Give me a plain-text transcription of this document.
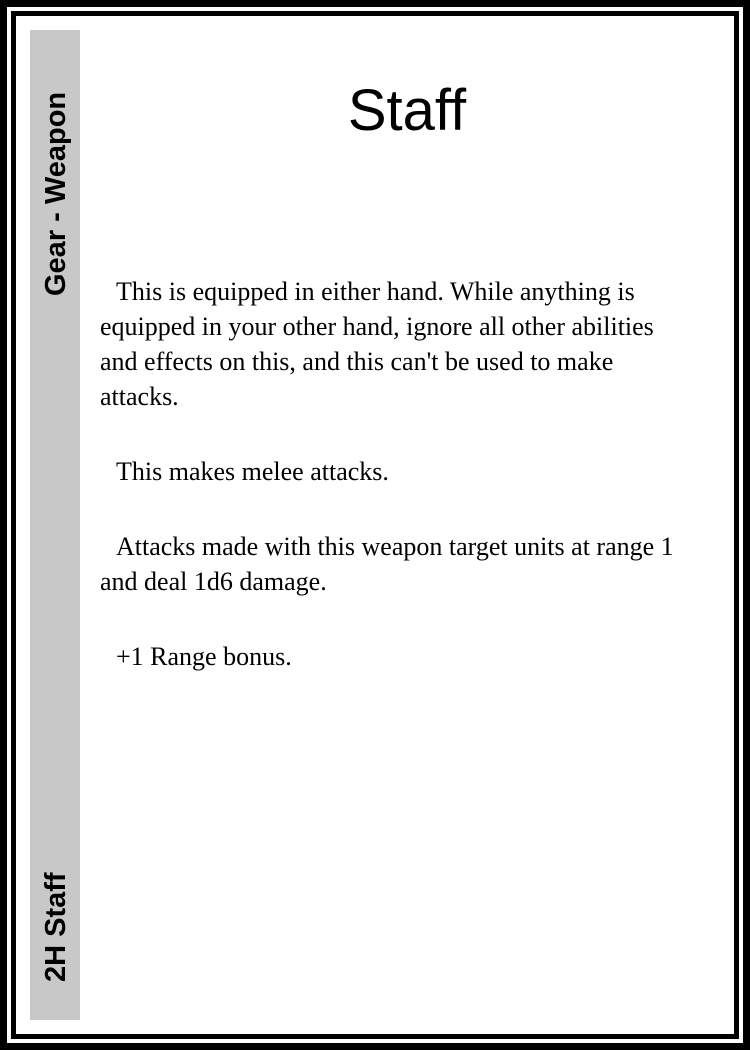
Gear - Weapon
2H Staff
Staff

This is equipped in either hand. While anything is equipped in your other hand, ignore all other abilities and effects on this, and this can't be used to make attacks.

This makes melee attacks.

Attacks made with this weapon target units at range 1 and deal 1d6 damage.

+1 Range bonus.
